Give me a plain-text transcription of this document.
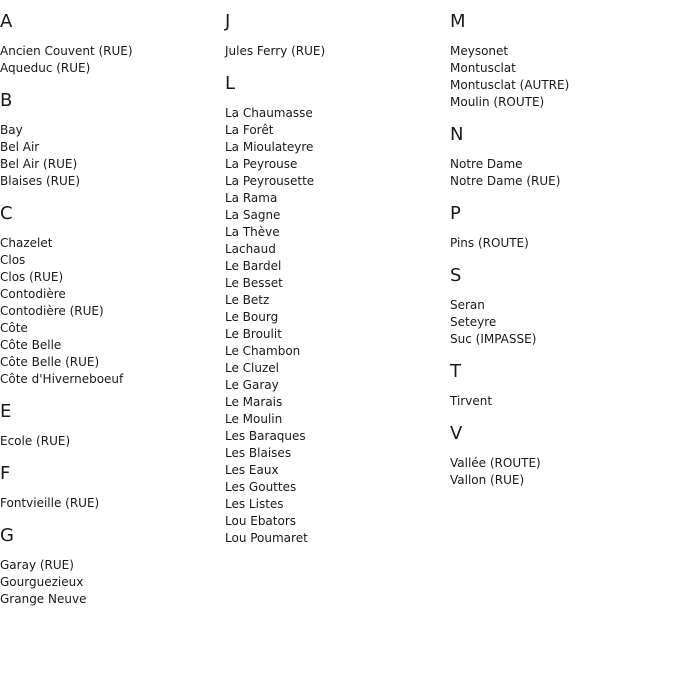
A
Ancien Couvent (RUE)
Aqueduc (RUE)
B
Bay
Bel Air
Bel Air (RUE)
Blaises (RUE)
C
Chazelet
Clos
Clos (RUE)
Contodière
Contodière (RUE)
Côte
Côte Belle
Côte Belle (RUE)
Côte d'Hiverneboeuf
E
Ecole (RUE)
F
Fontvieille (RUE)
G
Garay (RUE)
Gourguezieux
Grange Neuve
J
Jules Ferry (RUE)
L
La Chaumasse
La Forêt
La Mioulateyre
La Peyrouse
La Peyrousette
La Rama
La Sagne
La Thève
Lachaud
Le Bardel
Le Besset
Le Betz
Le Bourg
Le Broulit
Le Chambon
Le Cluzel
Le Garay
Le Marais
Le Moulin
Les Baraques
Les Blaises
Les Eaux
Les Gouttes
Les Listes
Lou Ebators
Lou Poumaret
M
Meysonet
Montusclat
Montusclat (AUTRE)
Moulin (ROUTE)
N
Notre Dame
Notre Dame (RUE)
P
Pins (ROUTE)
S
Seran
Seteyre
Suc (IMPASSE)
T
Tirvent
V
Vallée (ROUTE)
Vallon (RUE)
